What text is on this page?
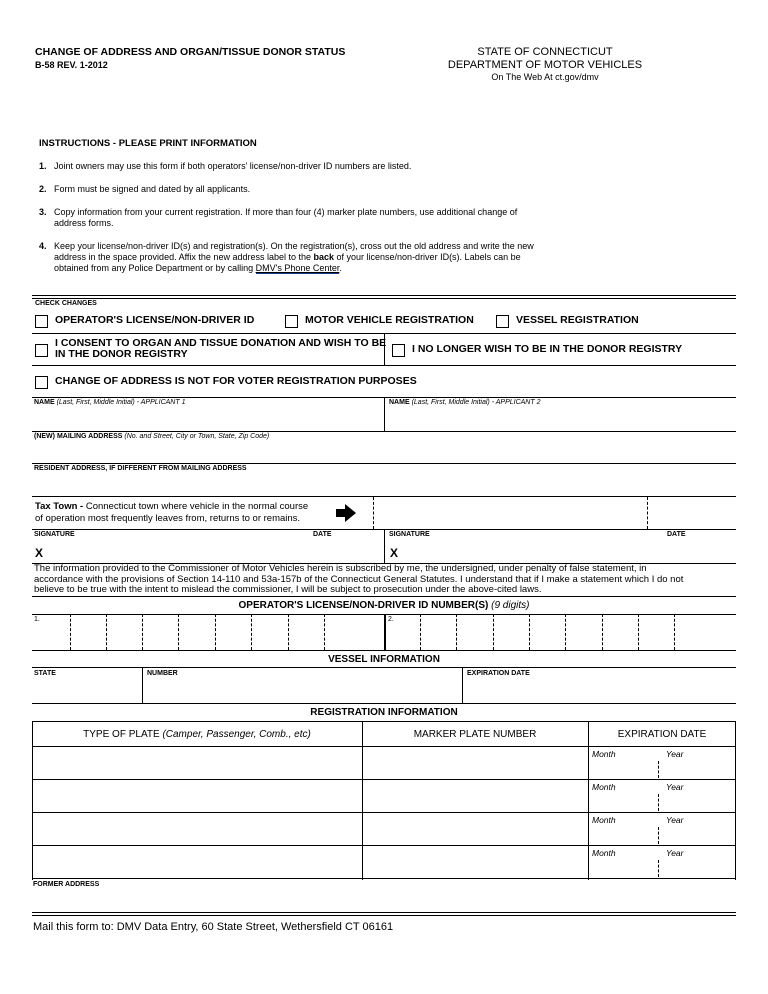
CHANGE OF ADDRESS AND ORGAN/TISSUE DONOR STATUS
B-58 REV. 1-2012
STATE OF CONNECTICUT
DEPARTMENT OF MOTOR VEHICLES
On The Web At ct.gov/dmv
INSTRUCTIONS - PLEASE PRINT INFORMATION
1. Joint owners may use this form if both operators' license/non-driver ID numbers are listed.
2. Form must be signed and dated by all applicants.
3. Copy information from your current registration. If more than four (4) marker plate numbers, use additional change of
address forms.
4. Keep your license/non-driver ID(s) and registration(s). On the registration(s), cross out the old address and write the new
address in the space provided. Affix the new address label to the back of your license/non-driver ID(s). Labels can be
obtained from any Police Department or by calling DMV's Phone Center.
CHECK CHANGES
OPERATOR'S LICENSE/NON-DRIVER ID	MOTOR VEHICLE REGISTRATION	VESSEL REGISTRATION
I CONSENT TO ORGAN AND TISSUE DONATION AND WISH TO BE
IN THE DONOR REGISTRY	I NO LONGER WISH TO BE IN THE DONOR REGISTRY
CHANGE OF ADDRESS IS NOT FOR VOTER REGISTRATION PURPOSES
NAME (Last, First, Middle Initial) - APPLICANT 1	NAME (Last, First, Middle Initial) - APPLICANT 2
(NEW) MAILING ADDRESS (No. and Street, City or Town, State, Zip Code)
RESIDENT ADDRESS, IF DIFFERENT FROM MAILING ADDRESS
Tax Town - Connecticut town where vehicle in the normal course
of operation most frequently leaves from, returns to or remains.
SIGNATURE	DATE	SIGNATURE	DATE
X	X
The information provided to the Commissioner of Motor Vehicles herein is subscribed by me, the undersigned, under penalty of false statement, in
accordance with the provisions of Section 14-110 and 53a-157b of the Connecticut General Statutes. I understand that if I make a statement which I do not
believe to be true with the intent to mislead the commissioner, I will be subject to prosecution under the above-cited laws.
OPERATOR'S LICENSE/NON-DRIVER ID NUMBER(S) (9 digits)
1.	2.
VESSEL INFORMATION
STATE	NUMBER	EXPIRATION DATE
REGISTRATION INFORMATION
TYPE OF PLATE (Camper, Passenger, Comb., etc)	MARKER PLATE NUMBER	EXPIRATION DATE
Month	Year
Month	Year
Month	Year
Month	Year
FORMER ADDRESS
Mail this form to: DMV Data Entry, 60 State Street, Wethersfield CT 06161
